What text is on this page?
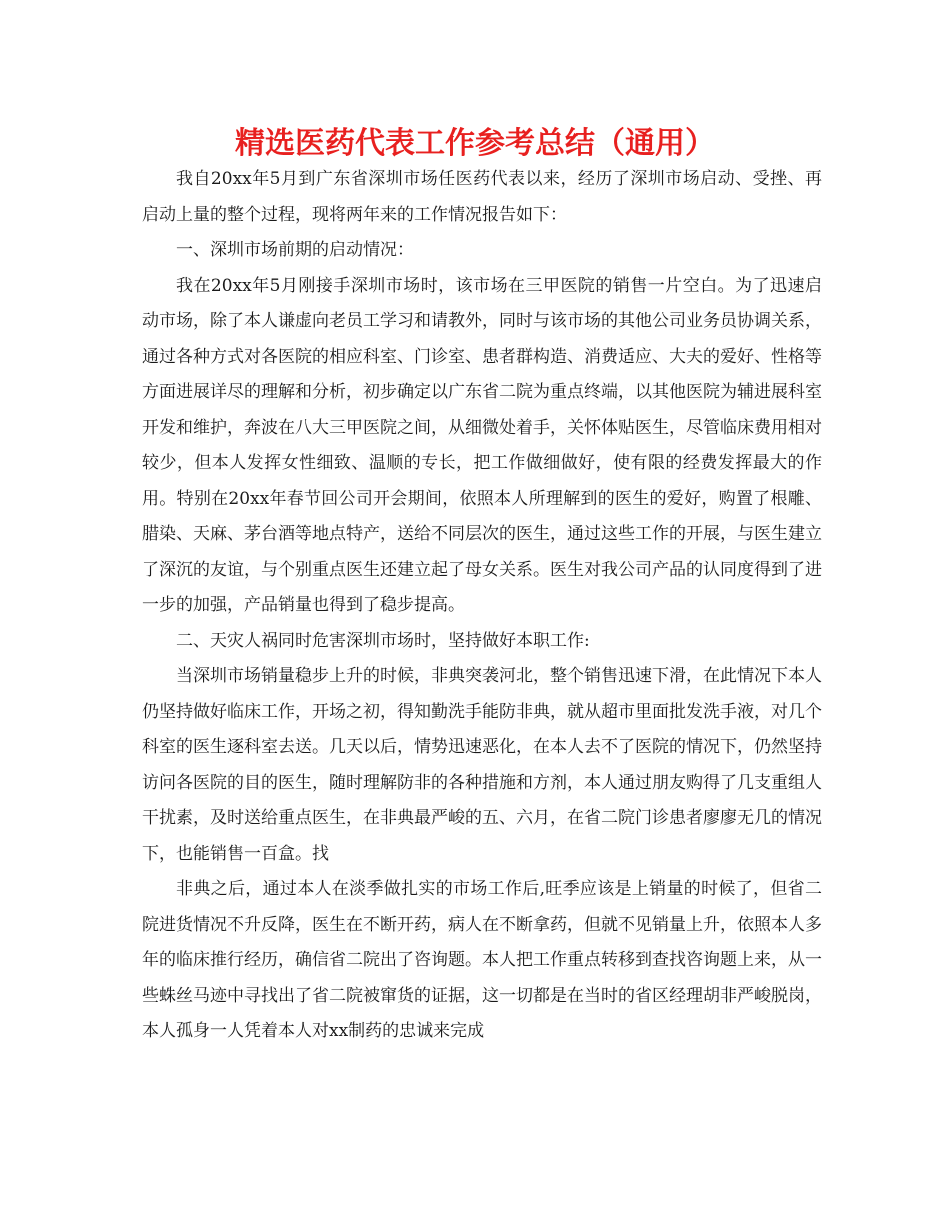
精选医药代表工作参考总结（通用）

我自20xx年5月到广东省深圳市场任医药代表以来，经历了深圳市场启动、受挫、再启动上量的整个过程，现将两年来的工作情况报告如下：

一、深圳市场前期的启动情况：

我在20xx年5月刚接手深圳市场时，该市场在三甲医院的销售一片空白。为了迅速启动市场，除了本人谦虚向老员工学习和请教外，同时与该市场的其他公司业务员协调关系，通过各种方式对各医院的相应科室、门诊室、患者群构造、消费适应、大夫的爱好、性格等方面进展详尽的理解和分析，初步确定以广东省二院为重点终端，以其他医院为辅进展科室开发和维护，奔波在八大三甲医院之间，从细微处着手，关怀体贴医生，尽管临床费用相对较少，但本人发挥女性细致、温顺的专长，把工作做细做好，使有限的经费发挥最大的作用。特别在20xx年春节回公司开会期间，依照本人所理解到的医生的爱好，购置了根雕、腊染、天麻、茅台酒等地点特产，送给不同层次的医生，通过这些工作的开展，与医生建立了深沉的友谊，与个别重点医生还建立起了母女关系。医生对我公司产品的认同度得到了进一步的加强，产品销量也得到了稳步提高。

二、天灾人祸同时危害深圳市场时，坚持做好本职工作:

当深圳市场销量稳步上升的时候，非典突袭河北，整个销售迅速下滑，在此情况下本人仍坚持做好临床工作，开场之初，得知勤洗手能防非典，就从超市里面批发洗手液，对几个科室的医生逐科室去送。几天以后，情势迅速恶化，在本人去不了医院的情况下，仍然坚持访问各医院的目的医生，随时理解防非的各种措施和方剂，本人通过朋友购得了几支重组人干扰素，及时送给重点医生，在非典最严峻的五、六月，在省二院门诊患者廖廖无几的情况下，也能销售一百盒。找

非典之后，通过本人在淡季做扎实的市场工作后,旺季应该是上销量的时候了，但省二院进货情况不升反降，医生在不断开药，病人在不断拿药，但就不见销量上升，依照本人多年的临床推行经历，确信省二院出了咨询题。本人把工作重点转移到查找咨询题上来，从一些蛛丝马迹中寻找出了省二院被窜货的证据，这一切都是在当时的省区经理胡非严峻脱岗，本人孤身一人凭着本人对xx制药的忠诚来完成
